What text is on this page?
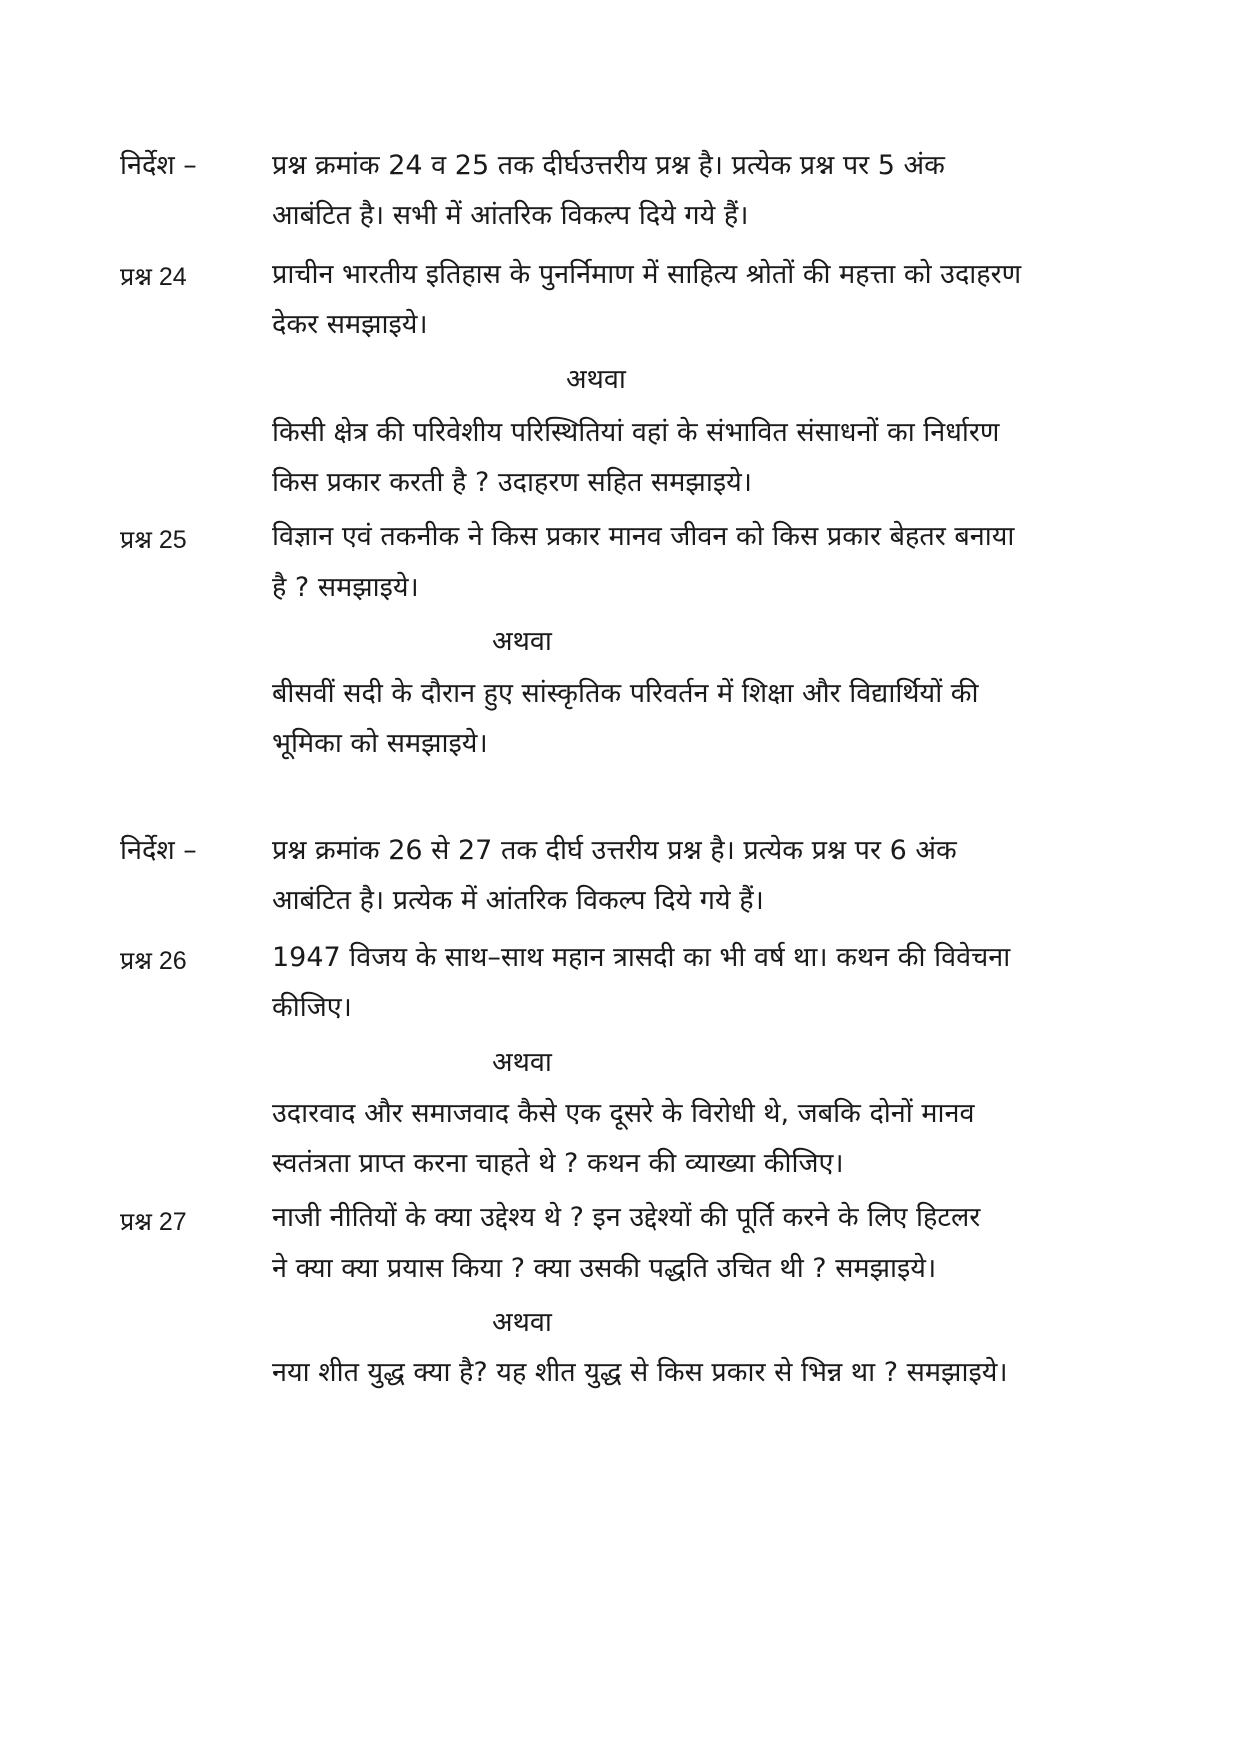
निर्देश –	प्रश्न क्रमांक 24 व 25 तक दीर्घउत्तरीय प्रश्न है। प्रत्येक प्रश्न पर 5 अंक
आबंटित है। सभी में आंतरिक विकल्प दिये गये हैं।
प्रश्न 24	प्राचीन भारतीय इतिहास के पुनर्निमाण में साहित्य श्रोतों की महत्ता को उदाहरण
देकर समझाइये।
अथवा
किसी क्षेत्र की परिवेशीय परिस्थितियां वहां के संभावित संसाधनों का निर्धारण
किस प्रकार करती है ? उदाहरण सहित समझाइये।
प्रश्न 25	विज्ञान एवं तकनीक ने किस प्रकार मानव जीवन को किस प्रकार बेहतर बनाया
है ? समझाइये।
अथवा
बीसवीं सदी के दौरान हुए सांस्कृतिक परिवर्तन में शिक्षा और विद्यार्थियों की
भूमिका को समझाइये।
निर्देश –	प्रश्न क्रमांक 26 से 27 तक दीर्घ उत्तरीय प्रश्न है। प्रत्येक प्रश्न पर 6 अंक
आबंटित है। प्रत्येक में आंतरिक विकल्प दिये गये हैं।
प्रश्न 26	1947 विजय के साथ–साथ महान त्रासदी का भी वर्ष था। कथन की विवेचना
कीजिए।
अथवा
उदारवाद और समाजवाद कैसे एक दूसरे के विरोधी थे, जबकि दोनों मानव
स्वतंत्रता प्राप्त करना चाहते थे ? कथन की व्याख्या कीजिए।
प्रश्न 27	नाजी नीतियों के क्या उद्देश्य थे ? इन उद्देश्यों की पूर्ति करने के लिए हिटलर
ने क्या क्या प्रयास किया ? क्या उसकी पद्धति उचित थी ? समझाइये।
अथवा
नया शीत युद्ध क्या है? यह शीत युद्ध से किस प्रकार से भिन्न था ? समझाइये।
